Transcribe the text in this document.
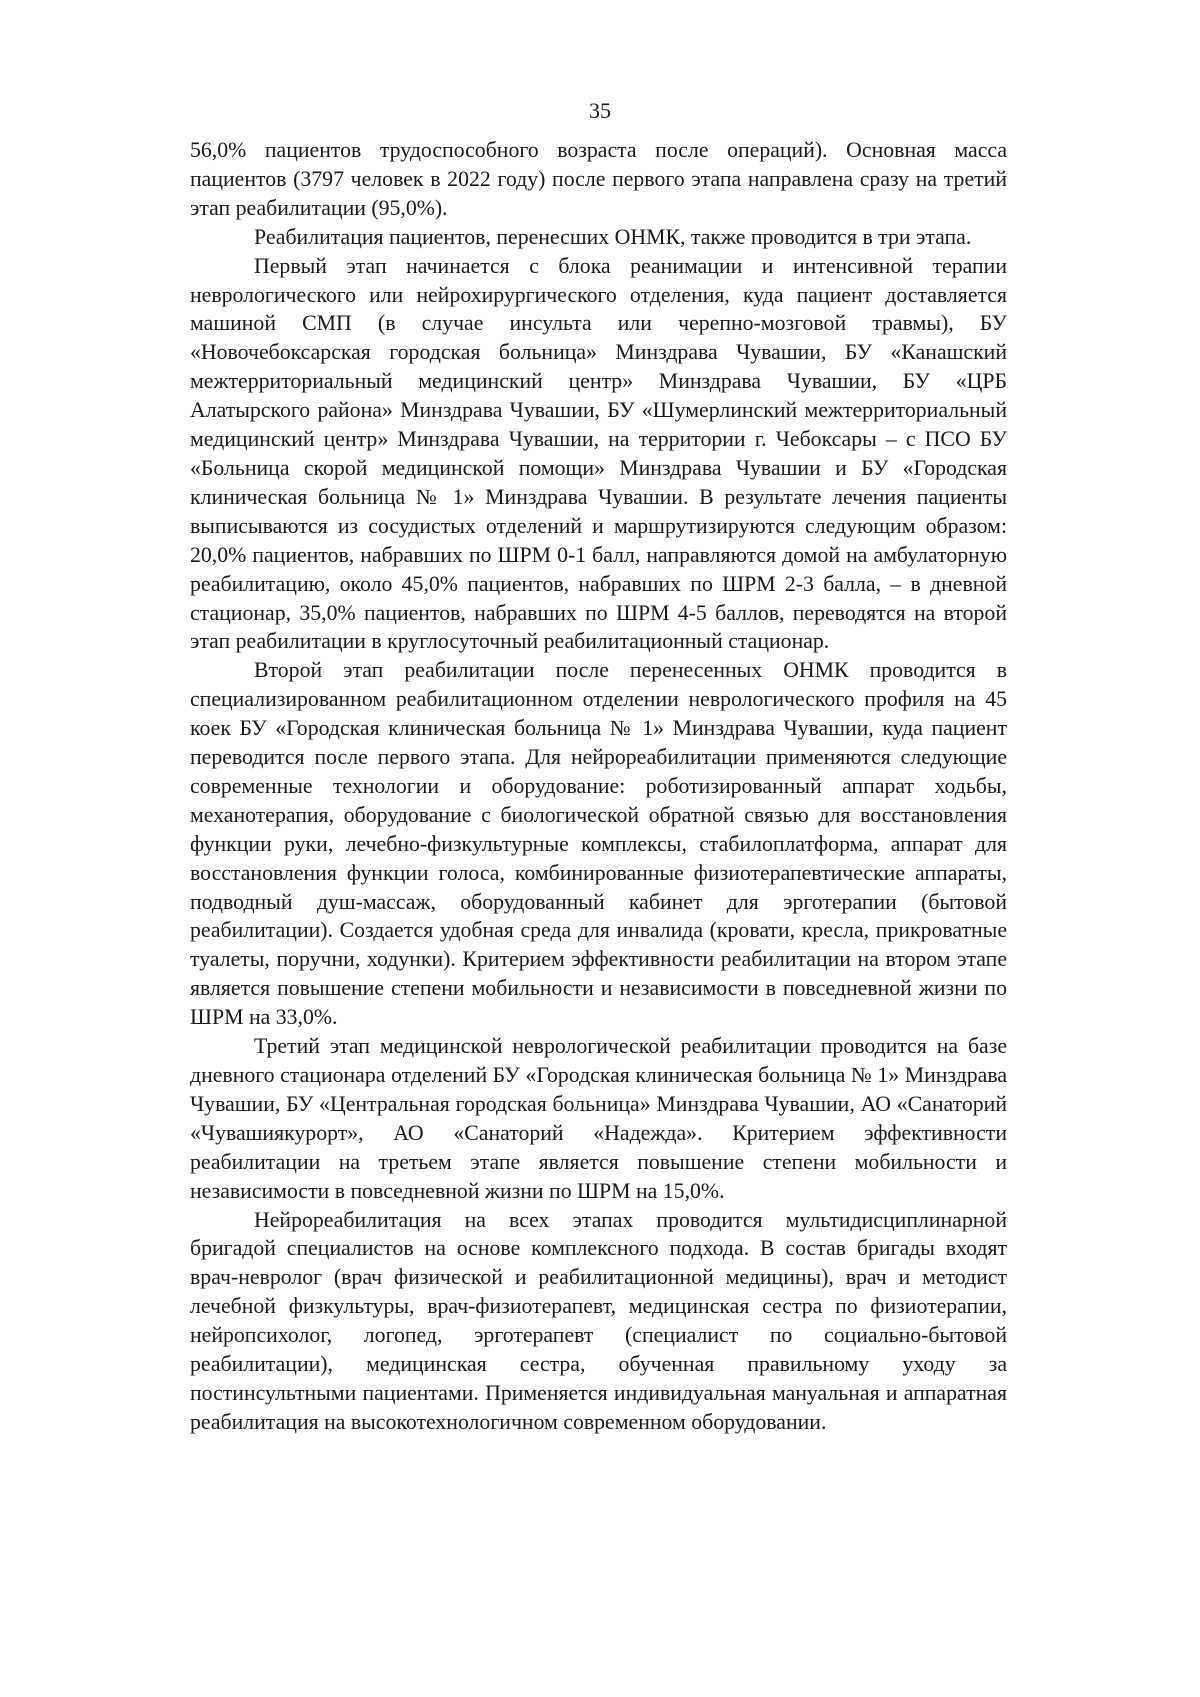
35

56,0% пациентов трудоспособного возраста после операций). Основная масса пациентов (3797 человек в 2022 году) после первого этапа направлена сразу на третий этап реабилитации (95,0%).

Реабилитация пациентов, перенесших ОНМК, также проводится в три этапа.

Первый этап начинается с блока реанимации и интенсивной терапии неврологического или нейрохирургического отделения, куда пациент доставляется машиной СМП (в случае инсульта или черепно-мозговой травмы), БУ «Новочебоксарская городская больница» Минздрава Чувашии, БУ «Канашский межтерриториальный медицинский центр» Минздрава Чувашии, БУ «ЦРБ Алатырского района» Минздрава Чувашии, БУ «Шумерлинский межтерриториальный медицинский центр» Минздрава Чувашии, на территории г. Чебоксары – с ПСО БУ «Больница скорой медицинской помощи» Минздрава Чувашии и БУ «Городская клиническая больница № 1» Минздрава Чувашии. В результате лечения пациенты выписываются из сосудистых отделений и маршрутизируются следующим образом: 20,0% пациентов, набравших по ШРМ 0-1 балл, направляются домой на амбулаторную реабилитацию, около 45,0% пациентов, набравших по ШРМ 2-3 балла, – в дневной стационар, 35,0% пациентов, набравших по ШРМ 4-5 баллов, переводятся на второй этап реабилитации в круглосуточный реабилитационный стационар.

Второй этап реабилитации после перенесенных ОНМК проводится в специализированном реабилитационном отделении неврологического профиля на 45 коек БУ «Городская клиническая больница № 1» Минздрава Чувашии, куда пациент переводится после первого этапа. Для нейрореабилитации применяются следующие современные технологии и оборудование: роботизированный аппарат ходьбы, механотерапия, оборудование с биологической обратной связью для восстановления функции руки, лечебно-физкультурные комплексы, стабилоплатформа, аппарат для восстановления функции голоса, комбинированные физиотерапевтические аппараты, подводный душ-массаж, оборудованный кабинет для эрготерапии (бытовой реабилитации). Создается удобная среда для инвалида (кровати, кресла, прикроватные туалеты, поручни, ходунки). Критерием эффективности реабилитации на втором этапе является повышение степени мобильности и независимости в повседневной жизни по ШРМ на 33,0%.

Третий этап медицинской неврологической реабилитации проводится на базе дневного стационара отделений БУ «Городская клиническая больница № 1» Минздрава Чувашии, БУ «Центральная городская больница» Минздрава Чувашии, АО «Санаторий «Чувашиякурорт», АО «Санаторий «Надежда». Критерием эффективности реабилитации на третьем этапе является повышение степени мобильности и независимости в повседневной жизни по ШРМ на 15,0%.

Нейрореабилитация на всех этапах проводится мультидисциплинарной бригадой специалистов на основе комплексного подхода. В состав бригады входят врач-невролог (врач физической и реабилитационной медицины), врач и методист лечебной физкультуры, врач-физиотерапевт, медицинская сестра по физиотерапии, нейропсихолог, логопед, эрготерапевт (специалист по социально-бытовой реабилитации), медицинская сестра, обученная правильному уходу за постинсультными пациентами. Применяется индивидуальная мануальная и аппаратная реабилитация на высокотехнологичном современном оборудовании.
